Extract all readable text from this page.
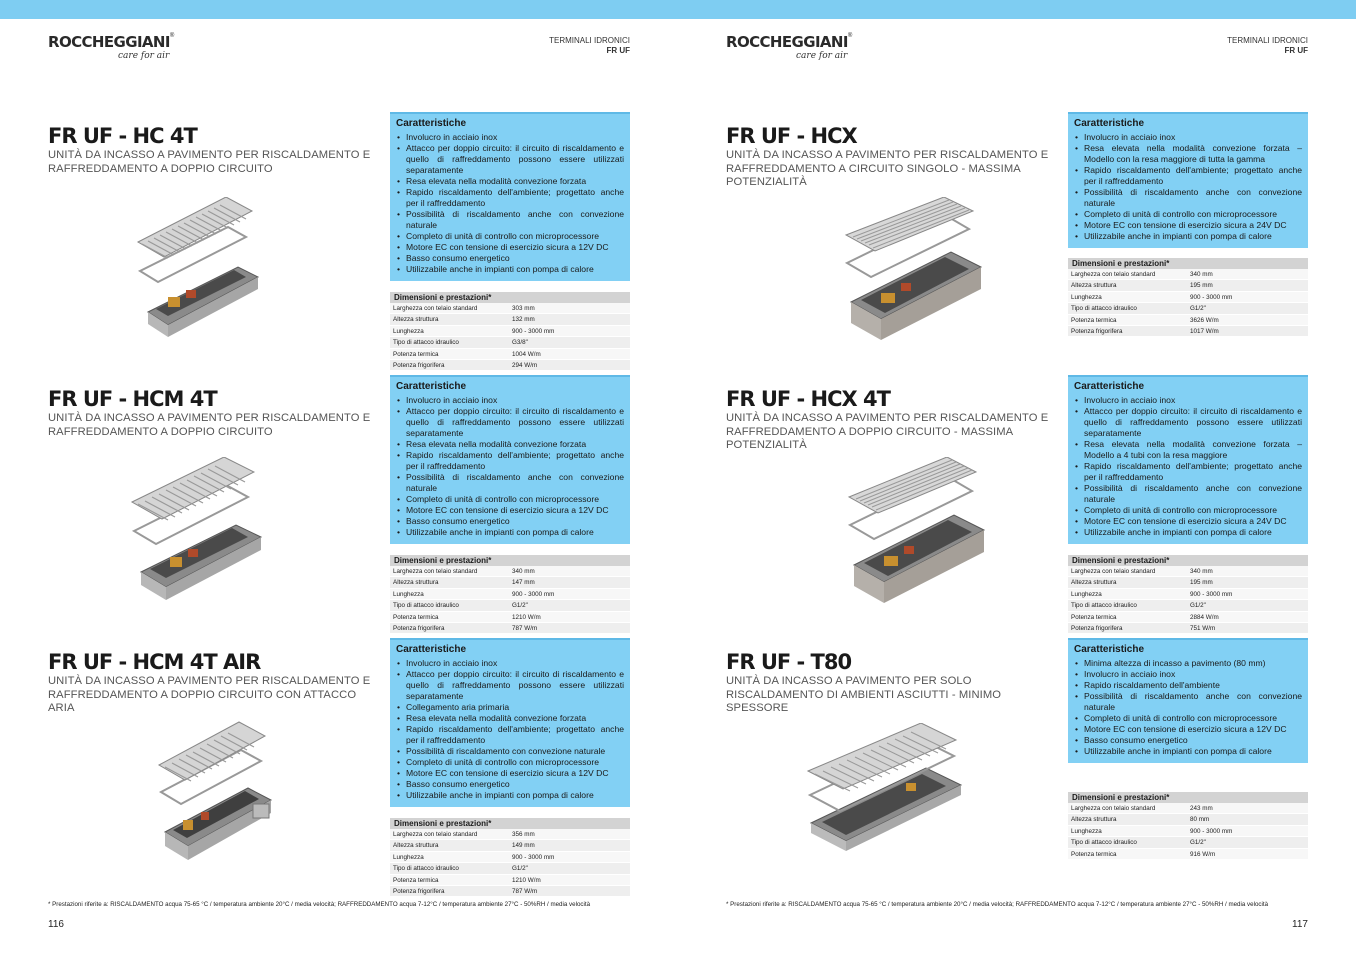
ROCCHEGGIANI®
care for air
TERMINALI IDRONICI
FR UF
FR UF - HC 4T
UNITÀ DA INCASSO A PAVIMENTO PER RISCALDAMENTO E RAFFREDDAMENTO A DOPPIO CIRCUITO
Caratteristiche
• Involucro in acciaio inox
• Attacco per doppio circuito: il circuito di riscaldamento e quello di raffreddamento possono essere utilizzati separatamente
• Resa elevata nella modalità convezione forzata
• Rapido riscaldamento dell'ambiente; progettato anche per il raffreddamento
• Possibilità di riscaldamento anche con convezione naturale
• Completo di unità di controllo con microprocessore
• Motore EC con tensione di esercizio sicura a 12V DC
• Basso consumo energetico
• Utilizzabile anche in impianti con pompa di calore
Dimensioni e prestazioni*
Larghezza con telaio standard	303 mm
Altezza struttura	132 mm
Lunghezza	900 - 3000 mm
Tipo di attacco idraulico	G3/8"
Potenza termica	1004 W/m
Potenza frigorifera	294 W/m
FR UF - HCM 4T
UNITÀ DA INCASSO A PAVIMENTO PER RISCALDAMENTO E RAFFREDDAMENTO A DOPPIO CIRCUITO
Caratteristiche
• Involucro in acciaio inox
• Attacco per doppio circuito: il circuito di riscaldamento e quello di raffreddamento possono essere utilizzati separatamente
• Resa elevata nella modalità convezione forzata
• Rapido riscaldamento dell'ambiente; progettato anche per il raffreddamento
• Possibilità di riscaldamento anche con convezione naturale
• Completo di unità di controllo con microprocessore
• Motore EC con tensione di esercizio sicura a 12V DC
• Basso consumo energetico
• Utilizzabile anche in impianti con pompa di calore
Dimensioni e prestazioni*
Larghezza con telaio standard	340 mm
Altezza struttura	147 mm
Lunghezza	900 - 3000 mm
Tipo di attacco idraulico	G1/2"
Potenza termica	1210 W/m
Potenza frigorifera	787 W/m
FR UF - HCM 4T AIR
UNITÀ DA INCASSO A PAVIMENTO PER RISCALDAMENTO E RAFFREDDAMENTO A DOPPIO CIRCUITO CON ATTACCO ARIA
Caratteristiche
• Involucro in acciaio inox
• Attacco per doppio circuito: il circuito di riscaldamento e quello di raffreddamento possono essere utilizzati separatamente
• Collegamento aria primaria
• Resa elevata nella modalità convezione forzata
• Rapido riscaldamento dell'ambiente; progettato anche per il raffreddamento
• Possibilità di riscaldamento con convezione naturale
• Completo di unità di controllo con microprocessore
• Motore EC con tensione di esercizio sicura a 12V DC
• Basso consumo energetico
• Utilizzabile anche in impianti con pompa di calore
Dimensioni e prestazioni*
Larghezza con telaio standard	356 mm
Altezza struttura	149 mm
Lunghezza	900 - 3000 mm
Tipo di attacco idraulico	G1/2"
Potenza termica	1210 W/m
Potenza frigorifera	787 W/m
* Prestazioni riferite a: RISCALDAMENTO acqua 75-65 °C / temperatura ambiente 20°C / media velocità; RAFFREDDAMENTO acqua 7-12°C / temperatura ambiente 27°C - 50%RH / media velocità
116
ROCCHEGGIANI®
care for air
TERMINALI IDRONICI
FR UF
FR UF - HCX
UNITÀ DA INCASSO A PAVIMENTO PER RISCALDAMENTO E RAFFREDDAMENTO A CIRCUITO SINGOLO - MASSIMA POTENZIALITÀ
Caratteristiche
• Involucro in acciaio inox
• Resa elevata nella modalità convezione forzata – Modello con la resa maggiore di tutta la gamma
• Rapido riscaldamento dell'ambiente; progettato anche per il raffreddamento
• Possibilità di riscaldamento anche con convezione naturale
• Completo di unità di controllo con microprocessore
• Motore EC con tensione di esercizio sicura a 24V DC
• Utilizzabile anche in impianti con pompa di calore
Dimensioni e prestazioni*
Larghezza con telaio standard	340 mm
Altezza struttura	195 mm
Lunghezza	900 - 3000 mm
Tipo di attacco idraulico	G1/2"
Potenza termica	3626 W/m
Potenza frigorifera	1017 W/m
FR UF - HCX 4T
UNITÀ DA INCASSO A PAVIMENTO PER RISCALDAMENTO E RAFFREDDAMENTO A DOPPIO CIRCUITO - MASSIMA POTENZIALITÀ
Caratteristiche
• Involucro in acciaio inox
• Attacco per doppio circuito: il circuito di riscaldamento e quello di raffreddamento possono essere utilizzati separatamente
• Resa elevata nella modalità convezione forzata – Modello a 4 tubi con la resa maggiore
• Rapido riscaldamento dell'ambiente; progettato anche per il raffreddamento
• Possibilità di riscaldamento anche con convezione naturale
• Completo di unità di controllo con microprocessore
• Motore EC con tensione di esercizio sicura a 24V DC
• Utilizzabile anche in impianti con pompa di calore
Dimensioni e prestazioni*
Larghezza con telaio standard	340 mm
Altezza struttura	195 mm
Lunghezza	900 - 3000 mm
Tipo di attacco idraulico	G1/2"
Potenza termica	2884 W/m
Potenza frigorifera	751 W/m
FR UF - T80
UNITÀ DA INCASSO A PAVIMENTO PER SOLO RISCALDAMENTO DI AMBIENTI ASCIUTTI - MINIMO SPESSORE
Caratteristiche
• Minima altezza di incasso a pavimento (80 mm)
• Involucro in acciaio inox
• Rapido riscaldamento dell'ambiente
• Possibilità di riscaldamento anche con convezione naturale
• Completo di unità di controllo con microprocessore
• Motore EC con tensione di esercizio sicura a 12V DC
• Basso consumo energetico
• Utilizzabile anche in impianti con pompa di calore
Dimensioni e prestazioni*
Larghezza con telaio standard	243 mm
Altezza struttura	80 mm
Lunghezza	900 - 3000 mm
Tipo di attacco idraulico	G1/2"
Potenza termica	916 W/m
* Prestazioni riferite a: RISCALDAMENTO acqua 75-65 °C / temperatura ambiente 20°C / media velocità; RAFFREDDAMENTO acqua 7-12°C / temperatura ambiente 27°C - 50%RH / media velocità
117
